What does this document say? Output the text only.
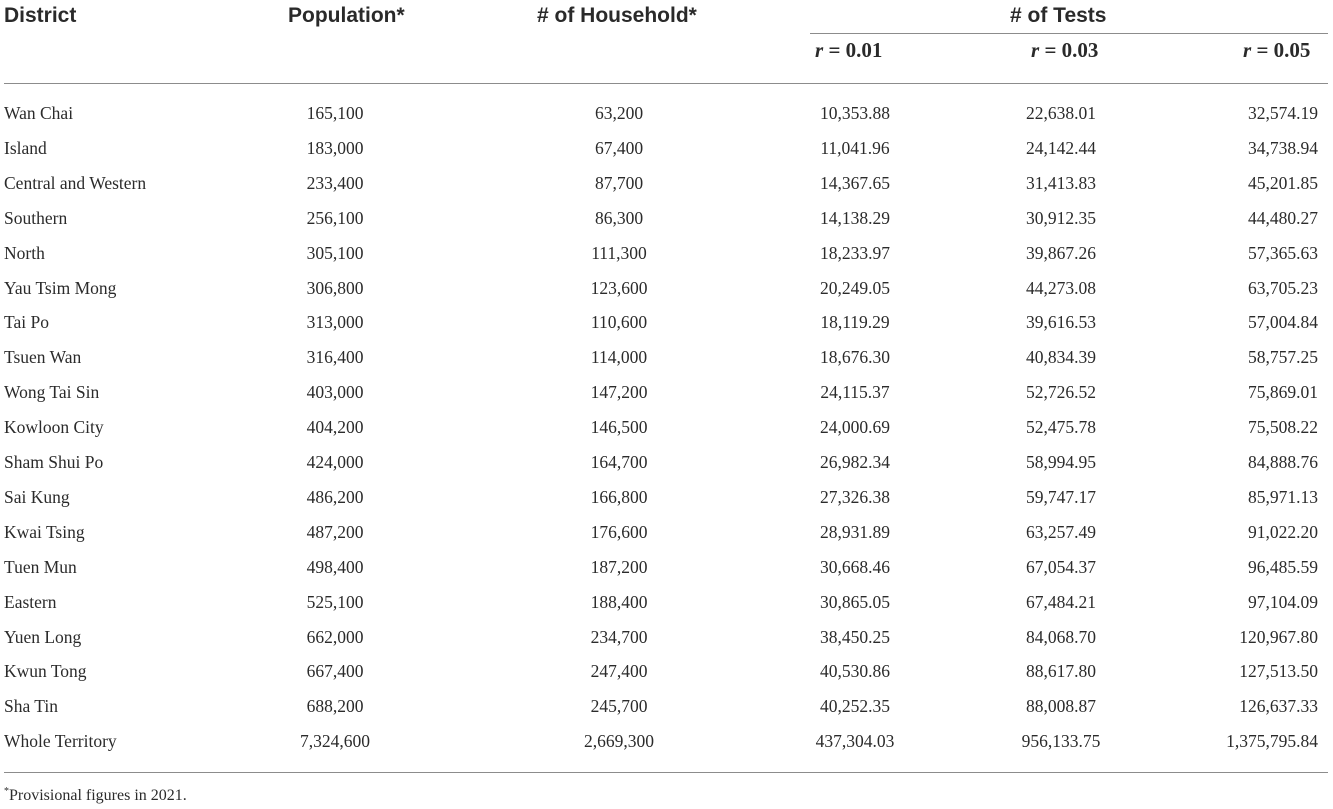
District	Population*	# of Household*	# of Tests
r = 0.01	r = 0.03	r = 0.05
Wan Chai	165,100	63,200	10,353.88	22,638.01	32,574.19
Island	183,000	67,400	11,041.96	24,142.44	34,738.94
Central and Western	233,400	87,700	14,367.65	31,413.83	45,201.85
Southern	256,100	86,300	14,138.29	30,912.35	44,480.27
North	305,100	111,300	18,233.97	39,867.26	57,365.63
Yau Tsim Mong	306,800	123,600	20,249.05	44,273.08	63,705.23
Tai Po	313,000	110,600	18,119.29	39,616.53	57,004.84
Tsuen Wan	316,400	114,000	18,676.30	40,834.39	58,757.25
Wong Tai Sin	403,000	147,200	24,115.37	52,726.52	75,869.01
Kowloon City	404,200	146,500	24,000.69	52,475.78	75,508.22
Sham Shui Po	424,000	164,700	26,982.34	58,994.95	84,888.76
Sai Kung	486,200	166,800	27,326.38	59,747.17	85,971.13
Kwai Tsing	487,200	176,600	28,931.89	63,257.49	91,022.20
Tuen Mun	498,400	187,200	30,668.46	67,054.37	96,485.59
Eastern	525,100	188,400	30,865.05	67,484.21	97,104.09
Yuen Long	662,000	234,700	38,450.25	84,068.70	120,967.80
Kwun Tong	667,400	247,400	40,530.86	88,617.80	127,513.50
Sha Tin	688,200	245,700	40,252.35	88,008.87	126,637.33
Whole Territory	7,324,600	2,669,300	437,304.03	956,133.75	1,375,795.84
*Provisional figures in 2021.
